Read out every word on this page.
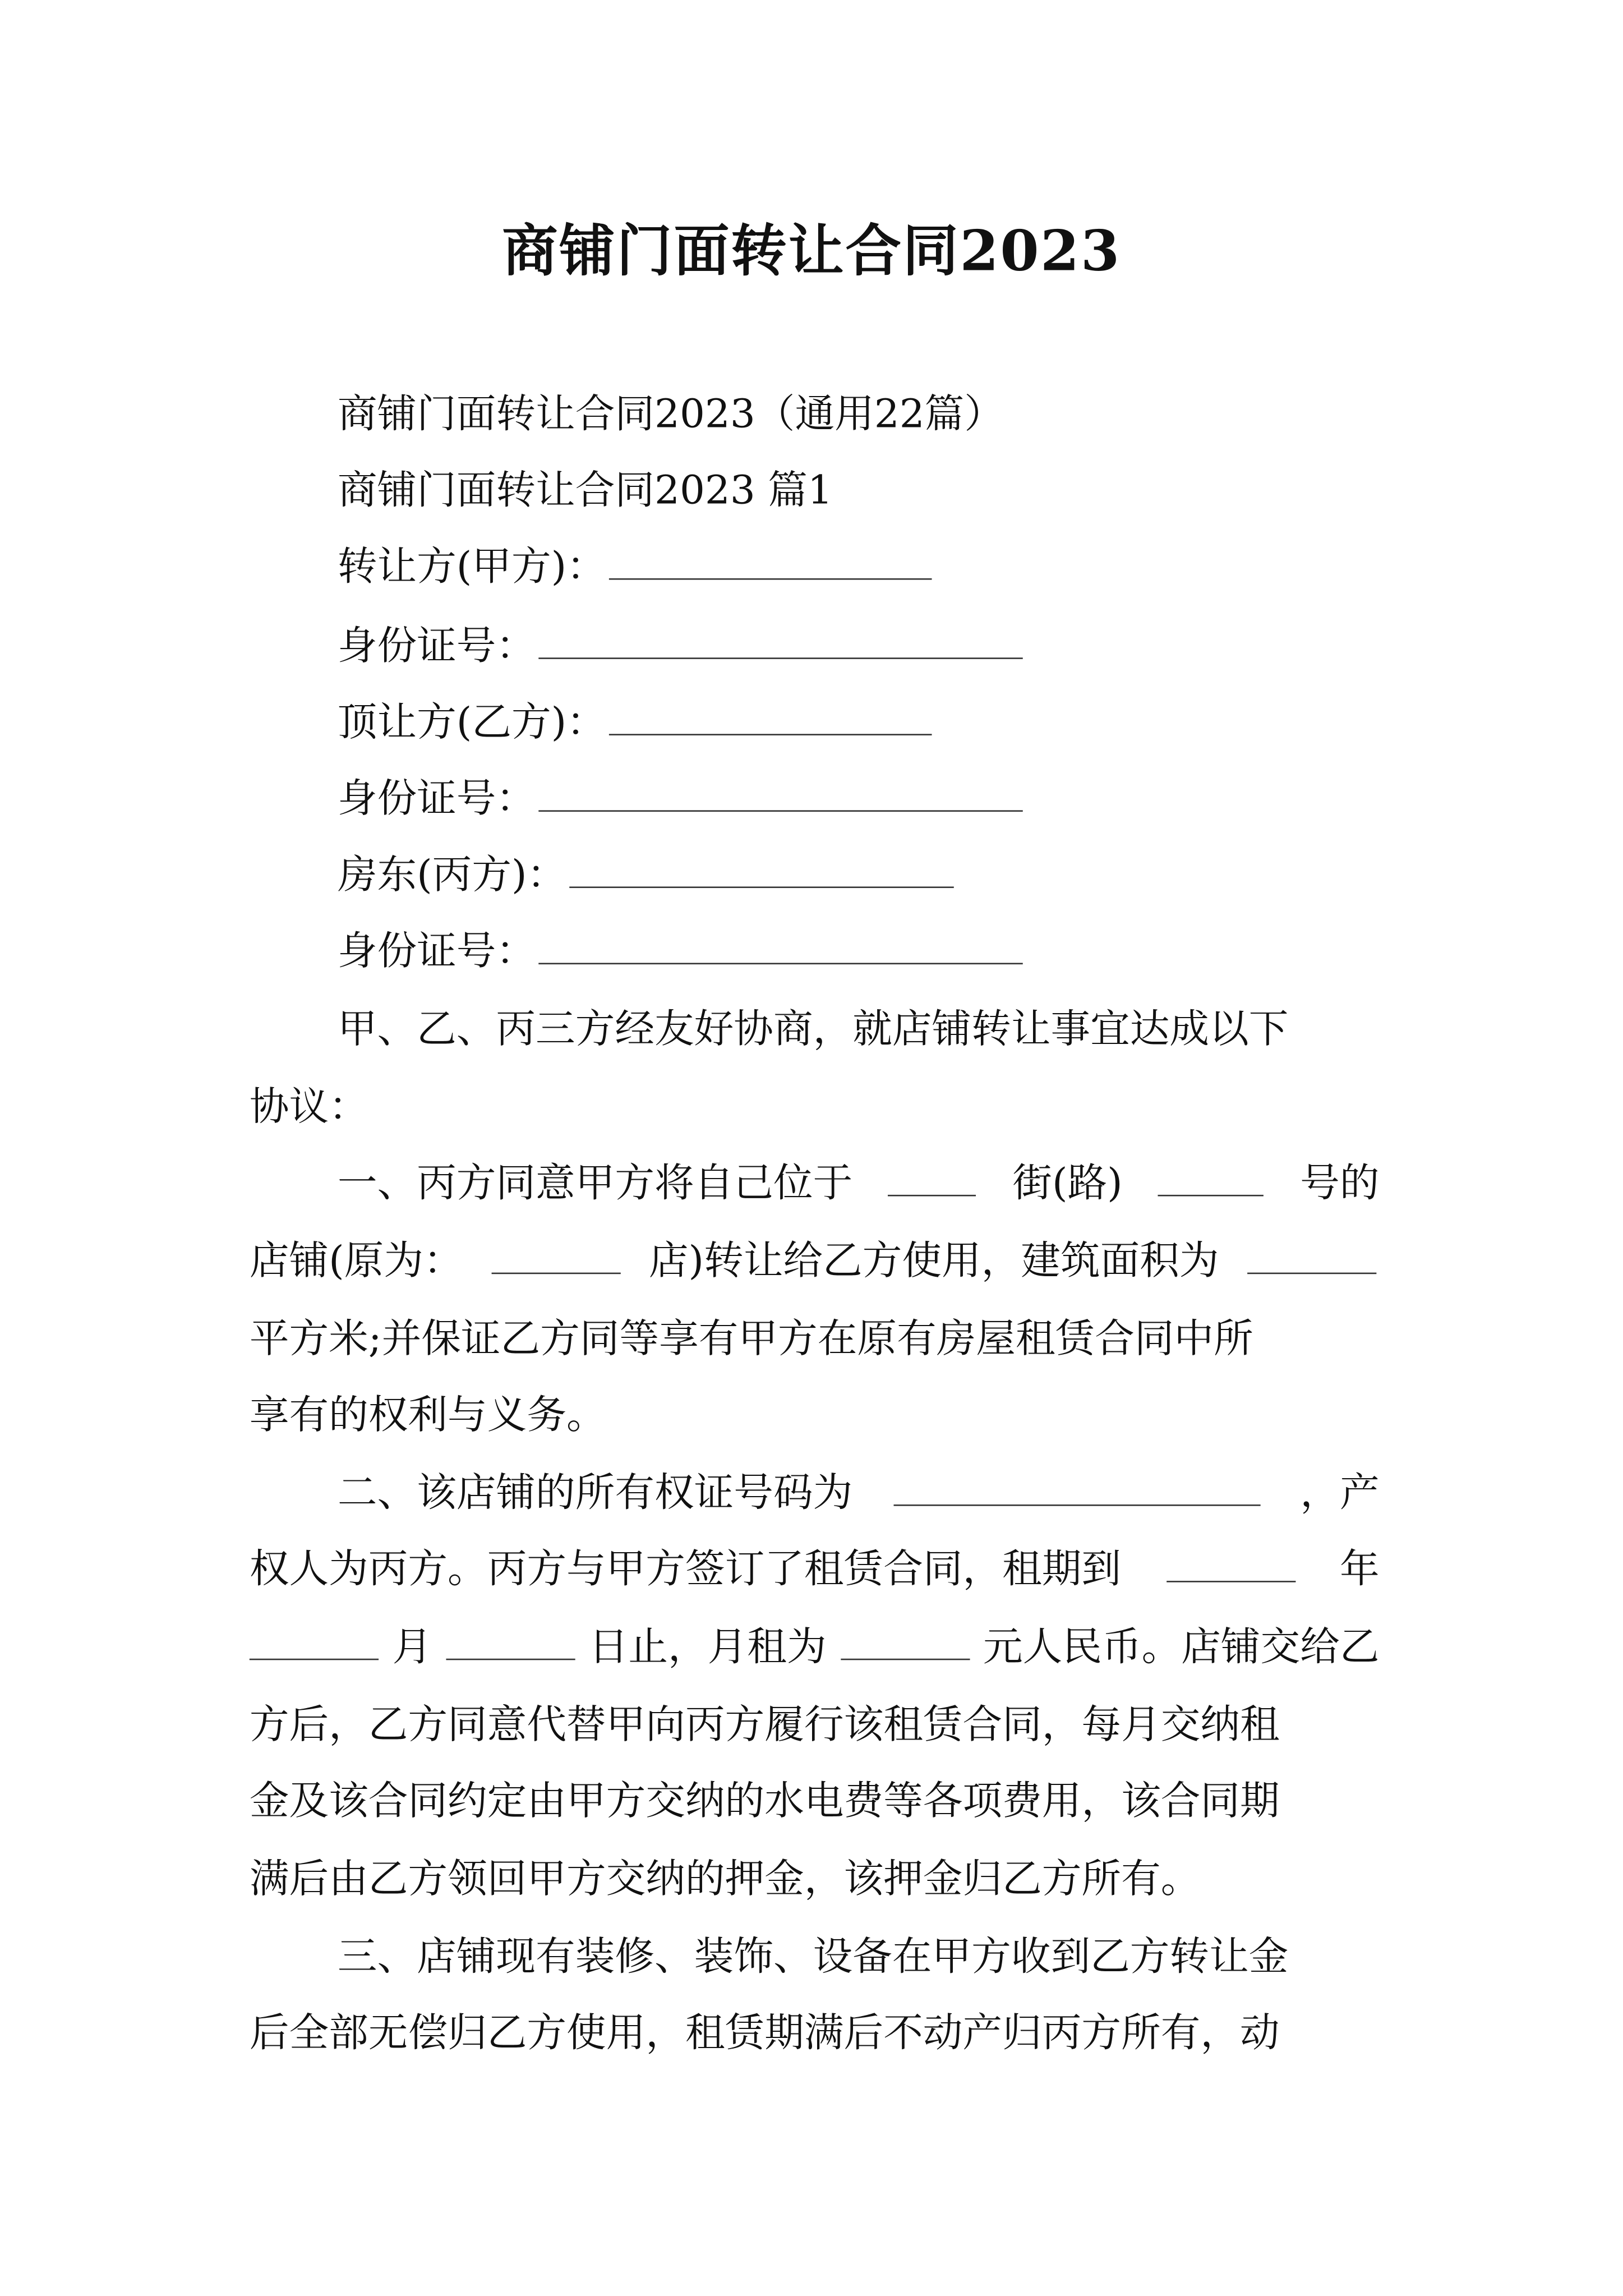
商铺门面转让合同2023
商铺门面转让合同2023（通用22篇）
商铺门面转让合同2023 篇1
转让方(甲方)：
身份证号：
顶让方(乙方)：
身份证号：
房东(丙方)：
身份证号：
甲、乙、丙三方经友好协商，就店铺转让事宜达成以下
协议：
一、丙方同意甲方将自己位于	街(路)	号的
店铺(原为：	店)转让给乙方使用，建筑面积为
平方米;并保证乙方同等享有甲方在原有房屋租赁合同中所
享有的权利与义务。
二、该店铺的所有权证号码为	，产
权人为丙方。丙方与甲方签订了租赁合同，租期到	年
月	日止，月租为	元人民币。店铺交给乙
方后，乙方同意代替甲向丙方履行该租赁合同，每月交纳租
金及该合同约定由甲方交纳的水电费等各项费用，该合同期
满后由乙方领回甲方交纳的押金，该押金归乙方所有。
三、店铺现有装修、装饰、设备在甲方收到乙方转让金
后全部无偿归乙方使用，租赁期满后不动产归丙方所有，动
